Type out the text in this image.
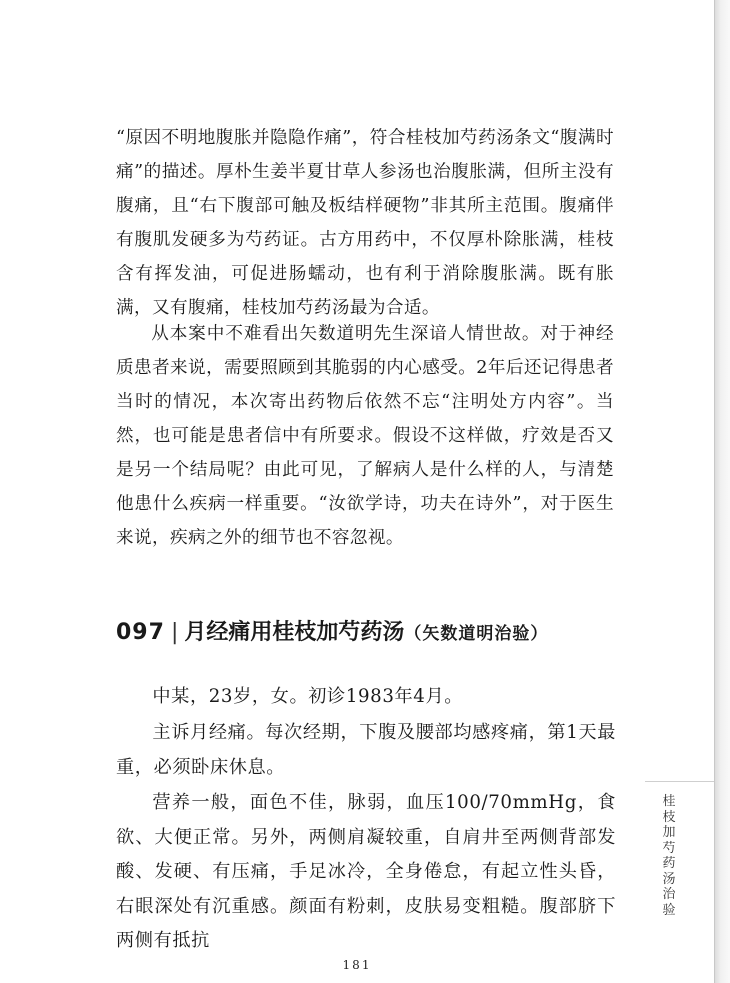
“原因不明地腹胀并隐隐作痛”，符合桂枝加芍药汤条文“腹满时痛”的描述。厚朴生姜半夏甘草人参汤也治腹胀满，但所主没有腹痛，且“右下腹部可触及板结样硬物”非其所主范围。腹痛伴有腹肌发硬多为芍药证。古方用药中，不仅厚朴除胀满，桂枝含有挥发油，可促进肠蠕动，也有利于消除腹胀满。既有胀满，又有腹痛，桂枝加芍药汤最为合适。

从本案中不难看出矢数道明先生深谙人情世故。对于神经质患者来说，需要照顾到其脆弱的内心感受。2年后还记得患者当时的情况，本次寄出药物后依然不忘“注明处方内容”。当然，也可能是患者信中有所要求。假设不这样做，疗效是否又是另一个结局呢？由此可见，了解病人是什么样的人，与清楚他患什么疾病一样重要。“汝欲学诗，功夫在诗外”，对于医生来说，疾病之外的细节也不容忽视。

097 | 月经痛用桂枝加芍药汤（矢数道明治验）

中某，23岁，女。初诊1983年4月。

主诉月经痛。每次经期，下腹及腰部均感疼痛，第1天最重，必须卧床休息。

营养一般，面色不佳，脉弱，血压100/70mmHg，食欲、大便正常。另外，两侧肩凝较重，自肩井至两侧背部发酸、发硬、有压痛，手足冰冷，全身倦怠，有起立性头昏，右眼深处有沉重感。颜面有粉刺，皮肤易变粗糙。腹部脐下两侧有抵抗

桂枝加芍药汤治验
181
